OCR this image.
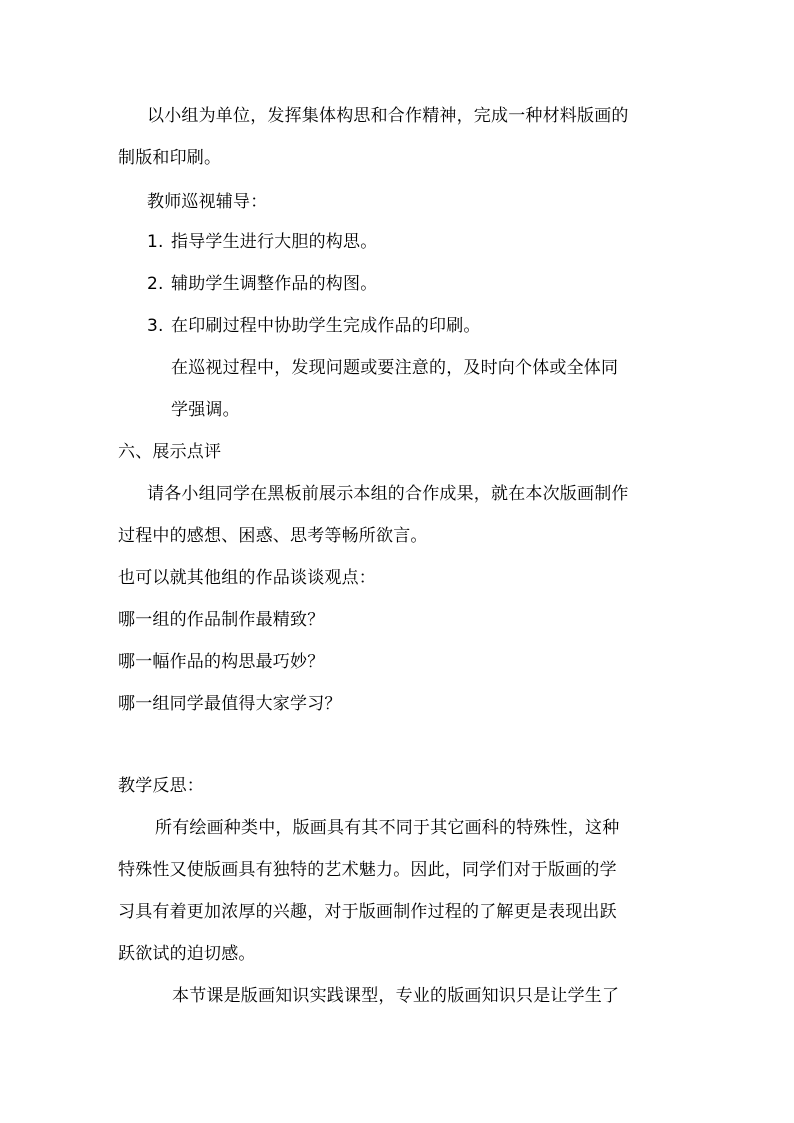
以小组为单位，发挥集体构思和合作精神，完成一种材料版画的
制版和印刷。
教师巡视辅导：
1. 指导学生进行大胆的构思。
2. 辅助学生调整作品的构图。
3. 在印刷过程中协助学生完成作品的印刷。
在巡视过程中，发现问题或要注意的，及时向个体或全体同
学强调。
六、展示点评
请各小组同学在黑板前展示本组的合作成果，就在本次版画制作
过程中的感想、困惑、思考等畅所欲言。
也可以就其他组的作品谈谈观点：
哪一组的作品制作最精致？
哪一幅作品的构思最巧妙？
哪一组同学最值得大家学习？
教学反思：
所有绘画种类中，版画具有其不同于其它画科的特殊性，这种
特殊性又使版画具有独特的艺术魅力。因此，同学们对于版画的学
习具有着更加浓厚的兴趣，对于版画制作过程的了解更是表现出跃
跃欲试的迫切感。
本节课是版画知识实践课型，专业的版画知识只是让学生了
